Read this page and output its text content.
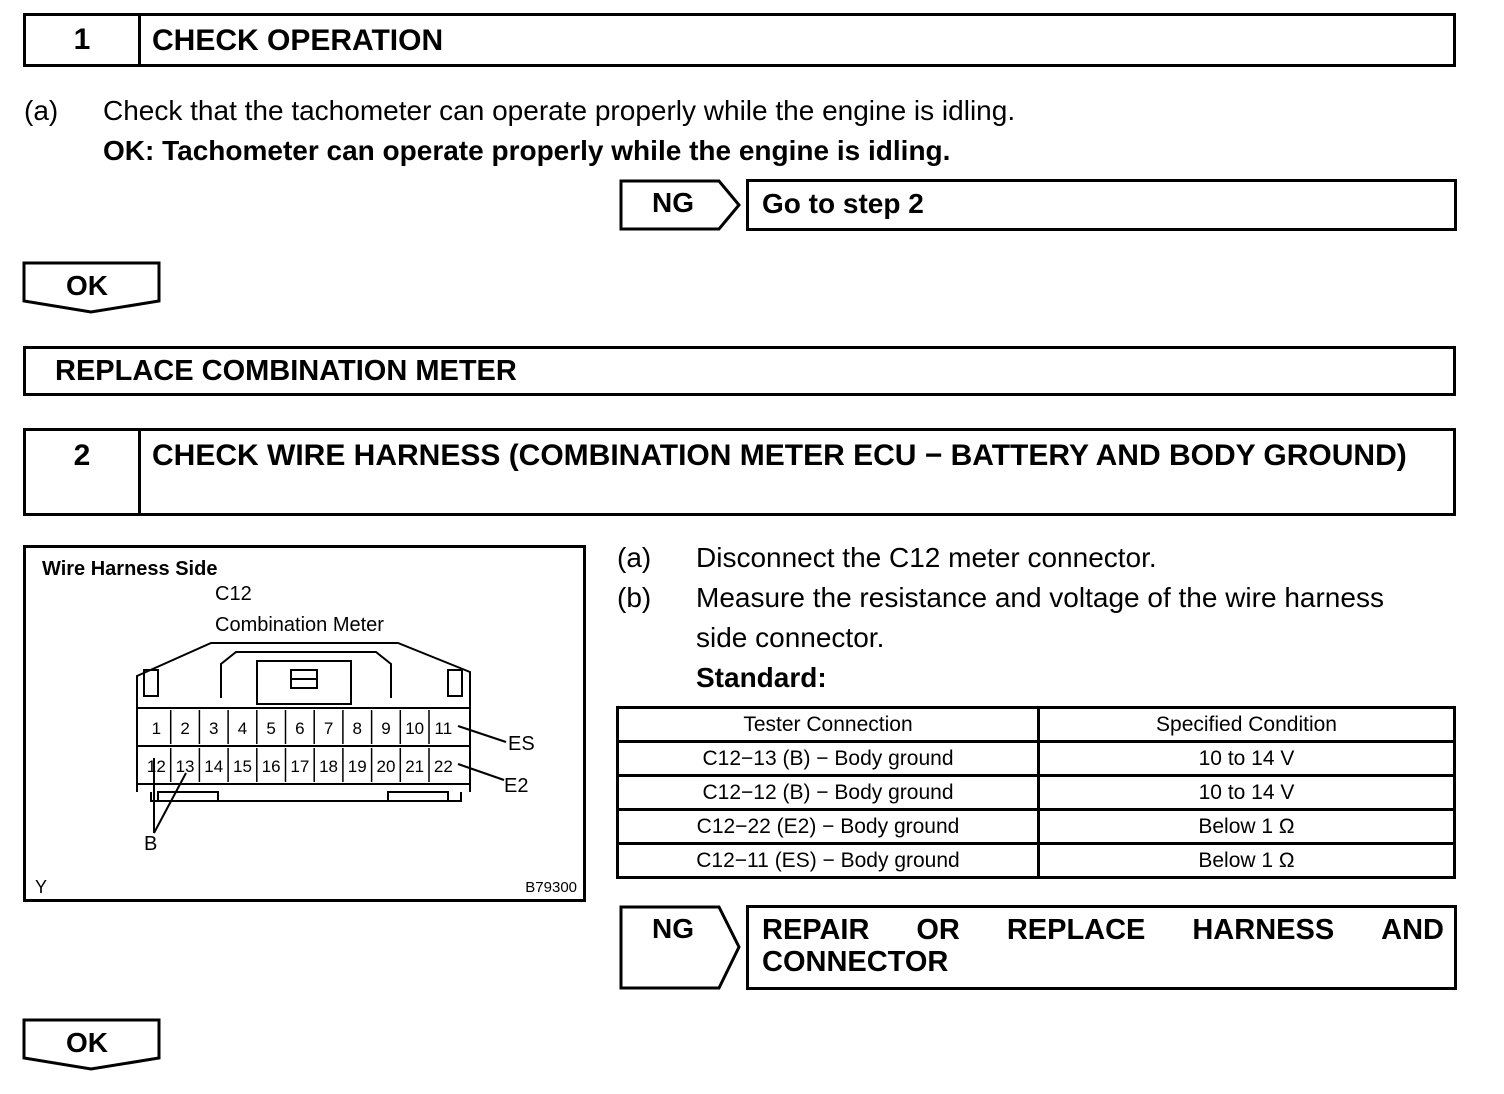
1	CHECK OPERATION
(a) Check that the tachometer can operate properly while the engine is idling.
OK: Tachometer can operate properly while the engine is idling.
NG Go to step 2
OK
REPLACE COMBINATION METER
2	CHECK WIRE HARNESS (COMBINATION METER ECU − BATTERY AND BODY GROUND)
Wire Harness Side
C12
Combination Meter
1 2 3 4 5 6 7 8 9 10 11
12 13 14 15 16 17 18 19 20 21 22
ES
E2
B
Y	B79300
(a) Disconnect the C12 meter connector.
(b) Measure the resistance and voltage of the wire harness
side connector.
Standard:
Tester Connection	Specified Condition
C12−13 (B) − Body ground	10 to 14 V
C12−12 (B) − Body ground	10 to 14 V
C12−22 (E2) − Body ground	Below 1 Ω
C12−11 (ES) − Body ground	Below 1 Ω
NG REPAIR OR REPLACE HARNESS AND
CONNECTOR
OK
